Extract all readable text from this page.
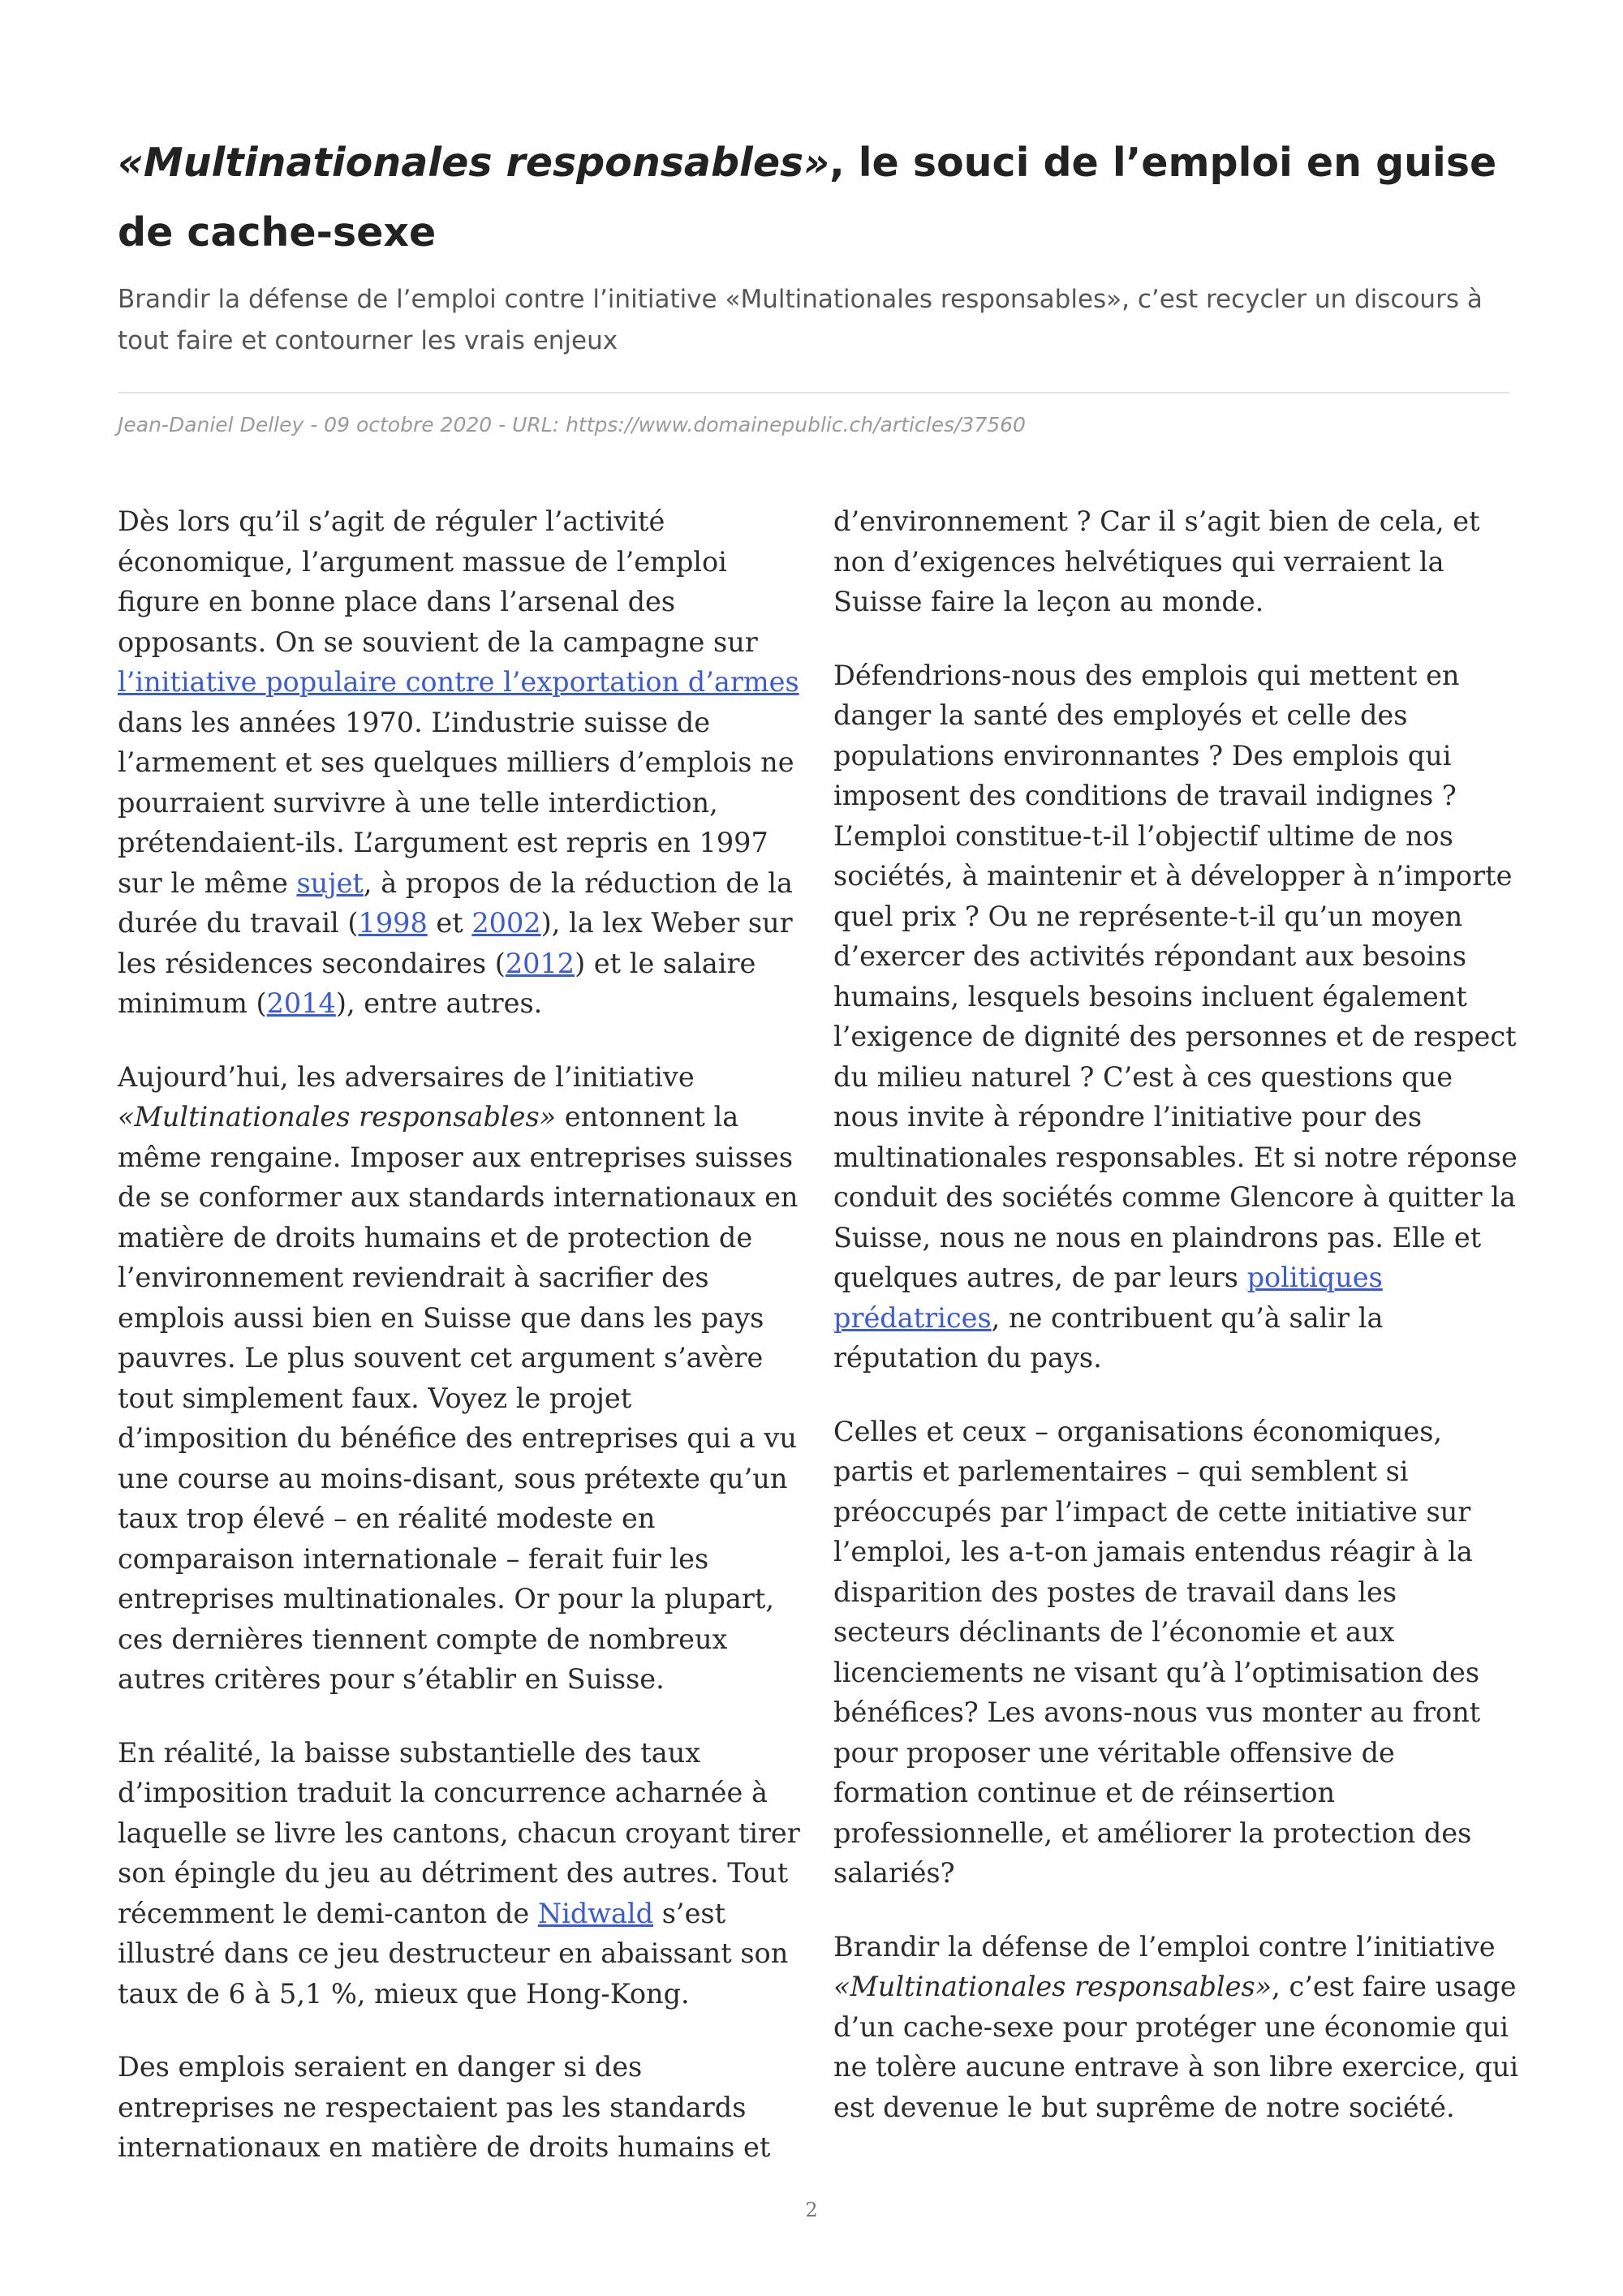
«Multinationales responsables», le souci de l’emploi en guise de cache-sexe

Brandir la défense de l’emploi contre l’initiative «Multinationales responsables», c’est recycler un discours à tout faire et contourner les vrais enjeux

Jean-Daniel Delley - 09 octobre 2020 - URL: https://www.domainepublic.ch/articles/37560

Dès lors qu’il s’agit de réguler l’activité économique, l’argument massue de l’emploi figure en bonne place dans l’arsenal des opposants. On se souvient de la campagne sur l’initiative populaire contre l’exportation d’armes dans les années 1970. L’industrie suisse de l’armement et ses quelques milliers d’emplois ne pourraient survivre à une telle interdiction, prétendaient-ils. L’argument est repris en 1997 sur le même sujet, à propos de la réduction de la durée du travail (1998 et 2002), la lex Weber sur les résidences secondaires (2012) et le salaire minimum (2014), entre autres.

Aujourd’hui, les adversaires de l’initiative «Multinationales responsables» entonnent la même rengaine. Imposer aux entreprises suisses de se conformer aux standards internationaux en matière de droits humains et de protection de l’environnement reviendrait à sacrifier des emplois aussi bien en Suisse que dans les pays pauvres. Le plus souvent cet argument s’avère tout simplement faux. Voyez le projet d’imposition du bénéfice des entreprises qui a vu une course au moins-disant, sous prétexte qu’un taux trop élevé – en réalité modeste en comparaison internationale – ferait fuir les entreprises multinationales. Or pour la plupart, ces dernières tiennent compte de nombreux autres critères pour s’établir en Suisse.

En réalité, la baisse substantielle des taux d’imposition traduit la concurrence acharnée à laquelle se livre les cantons, chacun croyant tirer son épingle du jeu au détriment des autres. Tout récemment le demi-canton de Nidwald s’est illustré dans ce jeu destructeur en abaissant son taux de 6 à 5,1 %, mieux que Hong-Kong.

Des emplois seraient en danger si des entreprises ne respectaient pas les standards internationaux en matière de droits humains et

d’environnement ? Car il s’agit bien de cela, et non d’exigences helvétiques qui verraient la Suisse faire la leçon au monde.

Défendrions-nous des emplois qui mettent en danger la santé des employés et celle des populations environnantes ? Des emplois qui imposent des conditions de travail indignes ? L’emploi constitue-t-il l’objectif ultime de nos sociétés, à maintenir et à développer à n’importe quel prix ? Ou ne représente-t-il qu’un moyen d’exercer des activités répondant aux besoins humains, lesquels besoins incluent également l’exigence de dignité des personnes et de respect du milieu naturel ? C’est à ces questions que nous invite à répondre l’initiative pour des multinationales responsables. Et si notre réponse conduit des sociétés comme Glencore à quitter la Suisse, nous ne nous en plaindrons pas. Elle et quelques autres, de par leurs politiques prédatrices, ne contribuent qu’à salir la réputation du pays.

Celles et ceux – organisations économiques, partis et parlementaires – qui semblent si préoccupés par l’impact de cette initiative sur l’emploi, les a-t-on jamais entendus réagir à la disparition des postes de travail dans les secteurs déclinants de l’économie et aux licenciements ne visant qu’à l’optimisation des bénéfices? Les avons-nous vus monter au front pour proposer une véritable offensive de formation continue et de réinsertion professionnelle, et améliorer la protection des salariés?

Brandir la défense de l’emploi contre l’initiative «Multinationales responsables», c’est faire usage d’un cache-sexe pour protéger une économie qui ne tolère aucune entrave à son libre exercice, qui est devenue le but suprême de notre société.

2
